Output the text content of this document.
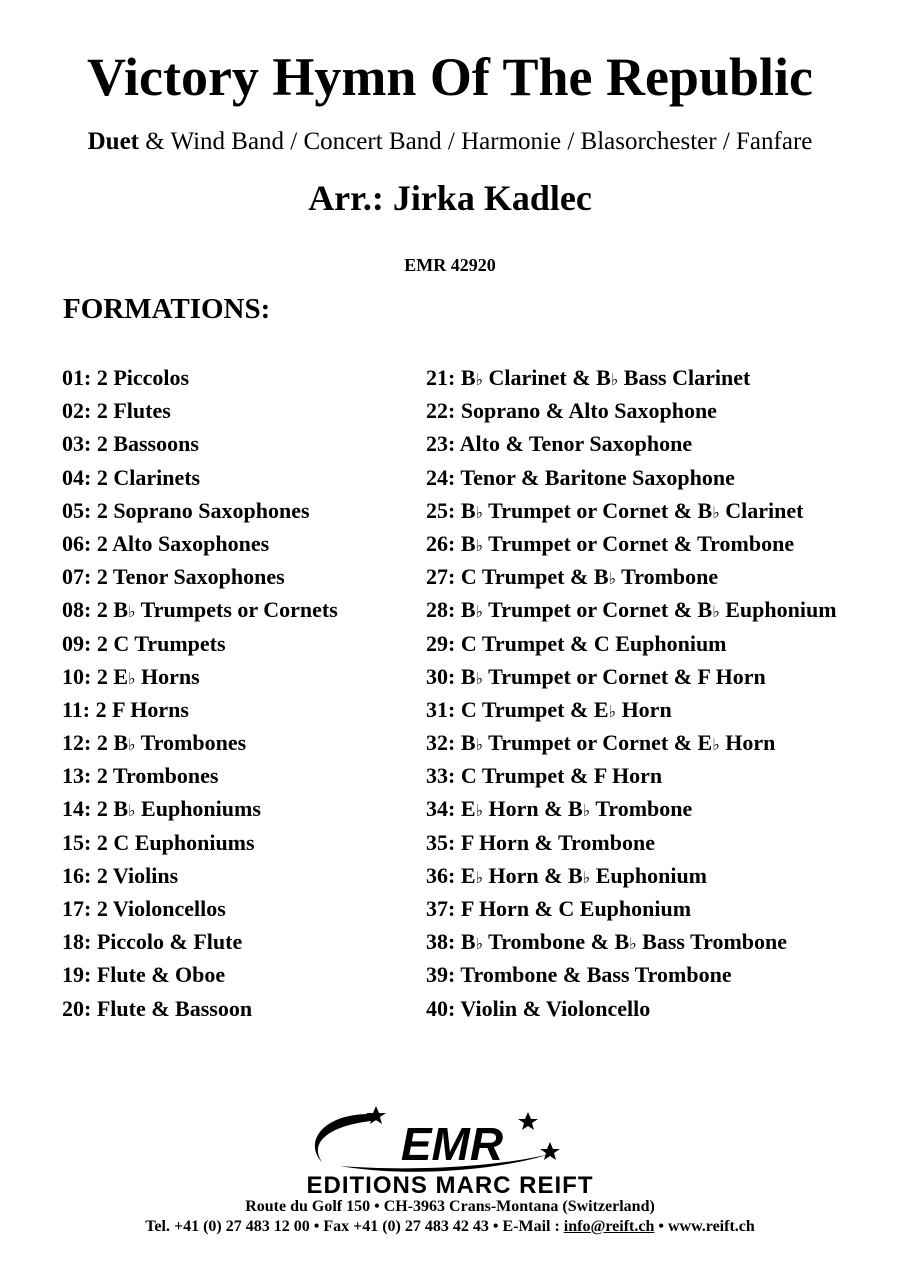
Victory Hymn Of The Republic
Duet & Wind Band / Concert Band / Harmonie / Blasorchester / Fanfare
Arr.: Jirka Kadlec
EMR 42920
FORMATIONS:
01: 2 Piccolos
02: 2 Flutes
03: 2 Bassoons
04: 2 Clarinets
05: 2 Soprano Saxophones
06: 2 Alto Saxophones
07: 2 Tenor Saxophones
08: 2 B♭ Trumpets or Cornets
09: 2 C Trumpets
10: 2 E♭ Horns
11: 2 F Horns
12: 2 B♭ Trombones
13: 2 Trombones
14: 2 B♭ Euphoniums
15: 2 C Euphoniums
16: 2 Violins
17: 2 Violoncellos
18: Piccolo & Flute
19: Flute & Oboe
20: Flute & Bassoon
21: B♭ Clarinet & B♭ Bass Clarinet
22: Soprano & Alto Saxophone
23: Alto & Tenor Saxophone
24: Tenor & Baritone Saxophone
25: B♭ Trumpet or Cornet & B♭ Clarinet
26: B♭ Trumpet or Cornet & Trombone
27: C Trumpet & B♭ Trombone
28: B♭ Trumpet or Cornet & B♭ Euphonium
29: C Trumpet & C Euphonium
30: B♭ Trumpet or Cornet & F Horn
31: C Trumpet & E♭ Horn
32: B♭ Trumpet or Cornet & E♭ Horn
33: C Trumpet & F Horn
34: E♭ Horn & B♭ Trombone
35: F Horn & Trombone
36: E♭ Horn & B♭ Euphonium
37: F Horn & C Euphonium
38: B♭ Trombone & B♭ Bass Trombone
39: Trombone & Bass Trombone
40: Violin & Violoncello
EMR
EDITIONS MARC REIFT
Route du Golf 150 • CH-3963 Crans-Montana (Switzerland)
Tel. +41 (0) 27 483 12 00 • Fax +41 (0) 27 483 42 43 • E-Mail : info@reift.ch • www.reift.ch
